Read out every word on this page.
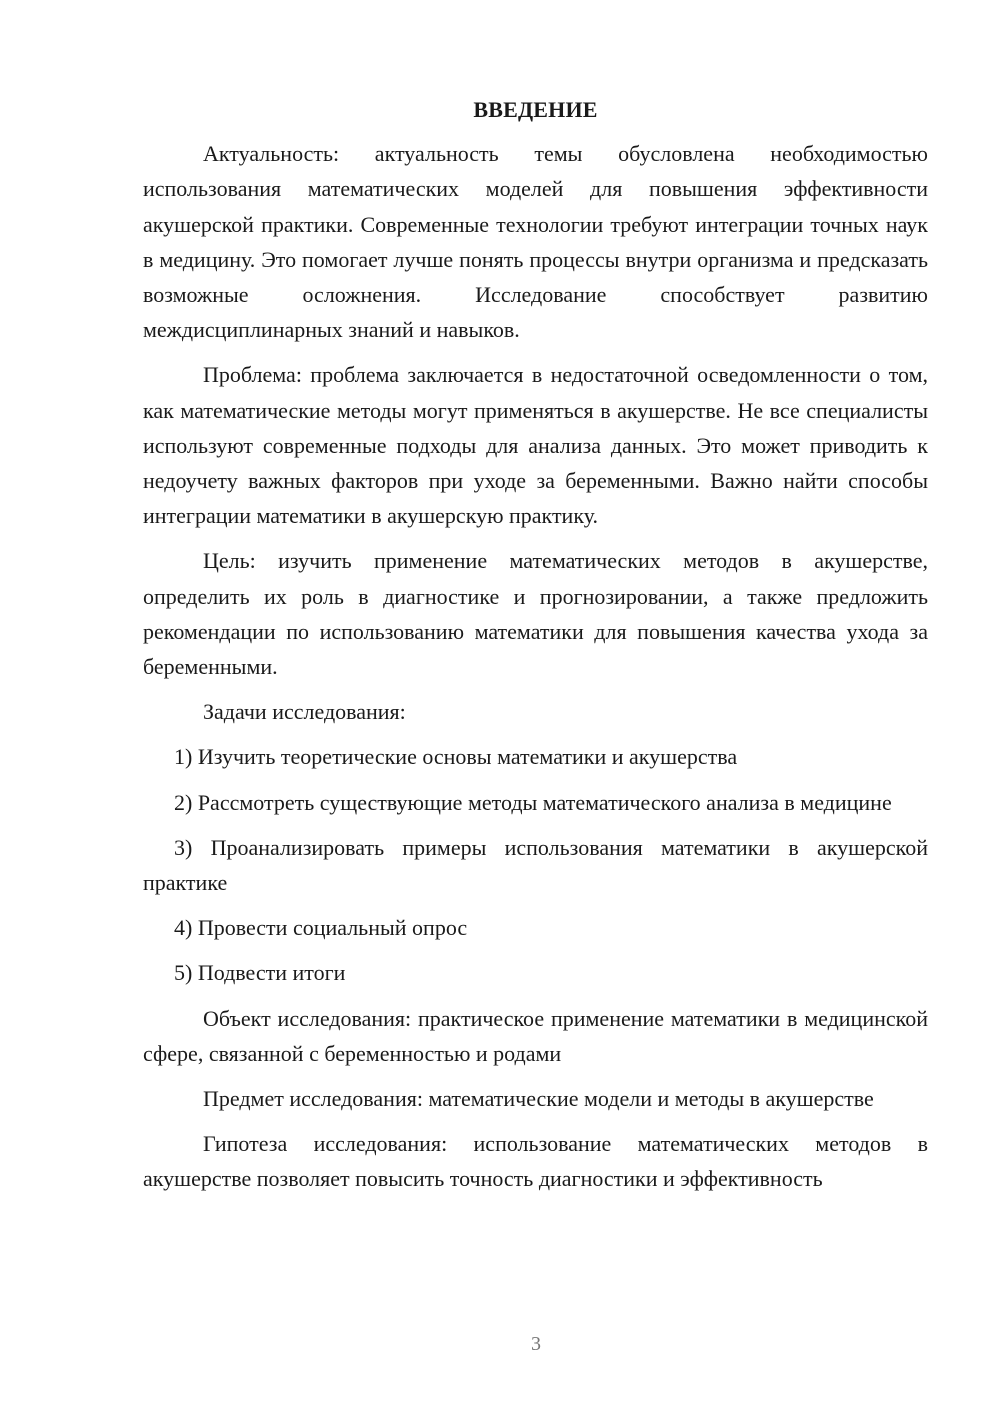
ВВЕДЕНИЕ

Актуальность: актуальность темы обусловлена необходимостью использования математических моделей для повышения эффективности акушерской практики. Современные технологии требуют интеграции точных наук в медицину. Это помогает лучше понять процессы внутри организма и предсказать возможные осложнения. Исследование способствует развитию междисциплинарных знаний и навыков.

Проблема: проблема заключается в недостаточной осведомленности о том, как математические методы могут применяться в акушерстве. Не все специалисты используют современные подходы для анализа данных. Это может приводить к недоучету важных факторов при уходе за беременными. Важно найти способы интеграции математики в акушерскую практику.

Цель: изучить применение математических методов в акушерстве, определить их роль в диагностике и прогнозировании, а также предложить рекомендации по использованию математики для повышения качества ухода за беременными.

Задачи исследования:

1) Изучить теоретические основы математики и акушерства

2) Рассмотреть существующие методы математического анализа в медицине

3) Проанализировать примеры использования математики в акушерской практике

4) Провести социальный опрос

5) Подвести итоги

Объект исследования: практическое применение математики в медицинской сфере, связанной с беременностью и родами

Предмет исследования: математические модели и методы в акушерстве

Гипотеза исследования: использование математических методов в акушерстве позволяет повысить точность диагностики и эффективность

3
